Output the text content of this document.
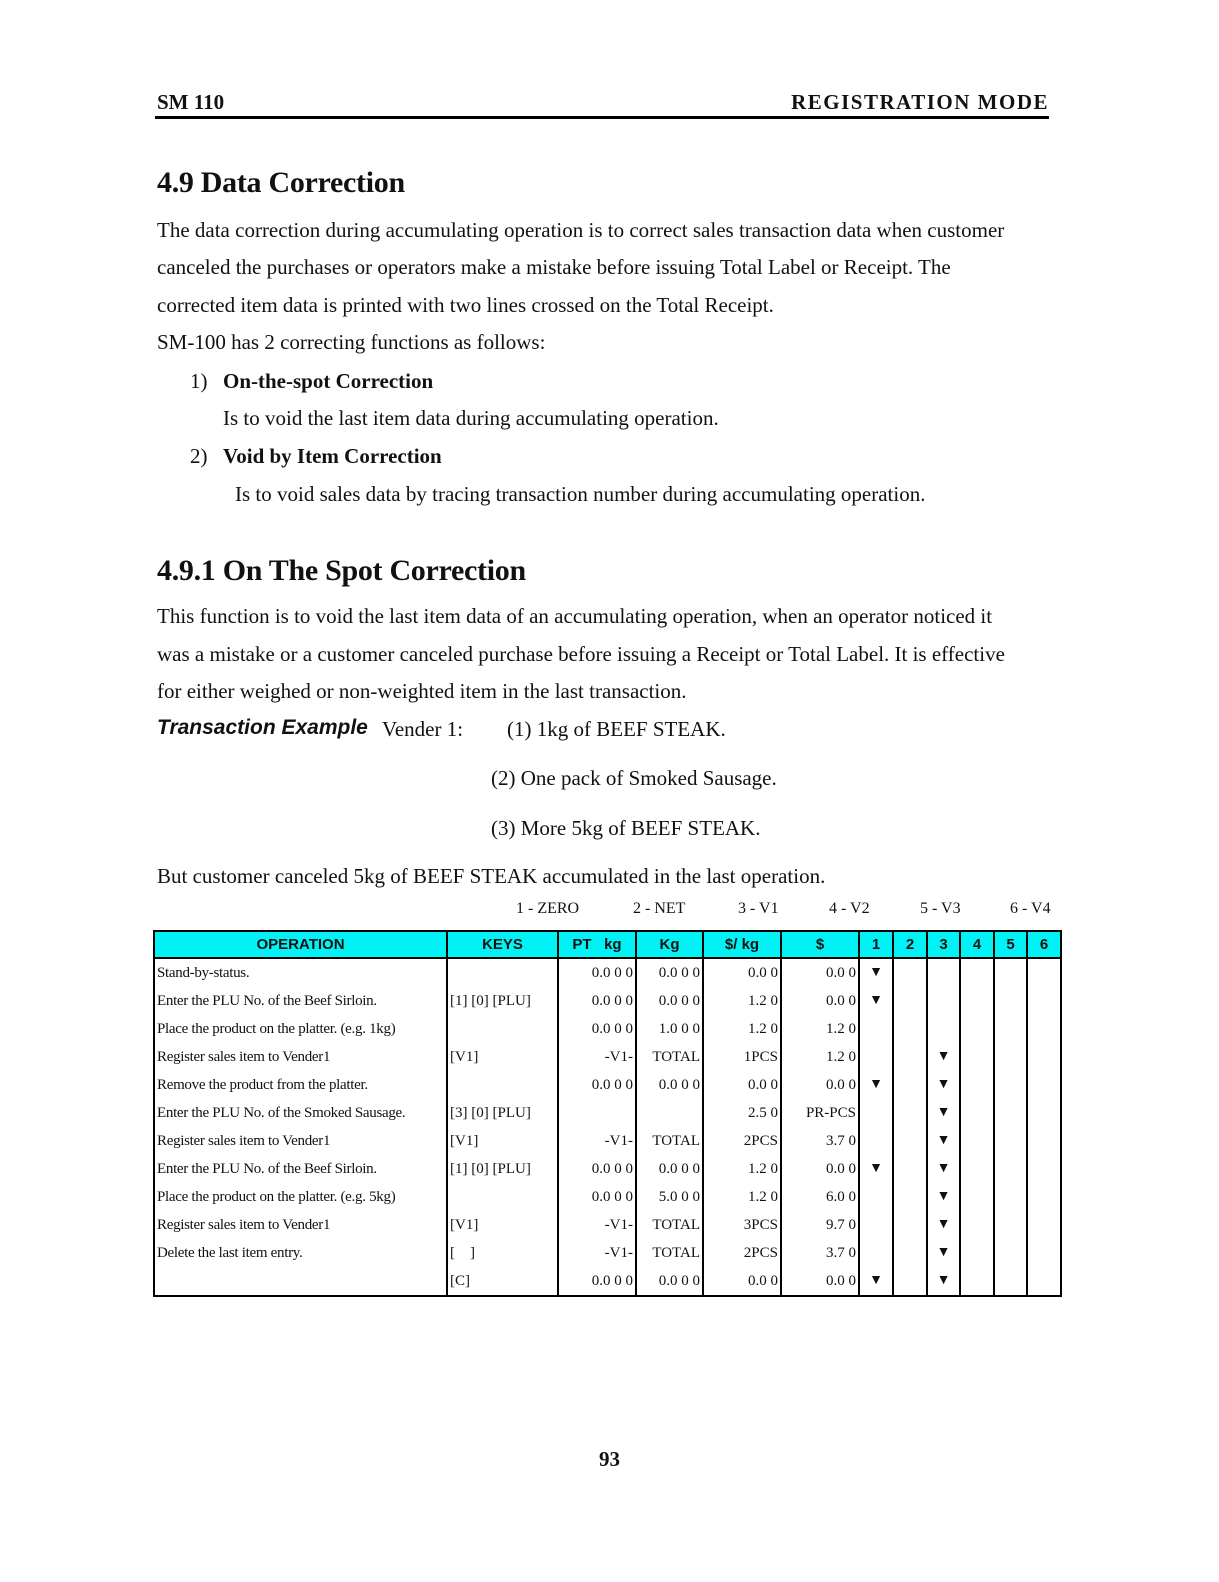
SM 110	REGISTRATION MODE
4.9 Data Correction

The data correction during accumulating operation is to correct sales transaction data when customer

canceled the purchases or operators make a mistake before issuing Total Label or Receipt. The

corrected item data is printed with two lines crossed on the Total Receipt.

SM-100 has 2 correcting functions as follows:

1) On-the-spot Correction
Is to void the last item data during accumulating operation.
2) Void by Item Correction
Is to void sales data by tracing transaction number during accumulating operation.
4.9.1 On The Spot Correction

This function is to void the last item data of an accumulating operation, when an operator noticed it

was a mistake or a customer canceled purchase before issuing a Receipt or Total Label. It is effective

for either weighed or non-weighted item in the last transaction.

Transaction Example Vender 1: (1) 1kg of BEEF STEAK.
(2) One pack of Smoked Sausage.
(3) More 5kg of BEEF STEAK.

But customer canceled 5kg of BEEF STEAK accumulated in the last operation.

1 - ZERO	2 - NET	3 - V1	4 - V2	5 - V3	6 - V4
OPERATION	KEYS	PT   kg	Kg	$/ kg	$	1	2	3	4	5	6
Stand-by-status.		0.0 0 0	0.0 0 0	0.0 0	0.0 0	▼					
Enter the PLU No. of the Beef Sirloin.	[1] [0] [PLU]	0.0 0 0	0.0 0 0	1.2 0	0.0 0	▼					
Place the product on the platter. (e.g. 1kg)		0.0 0 0	1.0 0 0	1.2 0	1.2 0						
Register sales item to Vender1	[V1]	-V1-	TOTAL	1PCS	1.2 0			▼			
Remove the product from the platter.		0.0 0 0	0.0 0 0	0.0 0	0.0 0	▼		▼			
Enter the PLU No. of the Smoked Sausage.	[3] [0] [PLU]			2.5 0	PR-PCS			▼			
Register sales item to Vender1	[V1]	-V1-	TOTAL	2PCS	3.7 0			▼			
Enter the PLU No. of the Beef Sirloin.	[1] [0] [PLU]	0.0 0 0	0.0 0 0	1.2 0	0.0 0	▼		▼			
Place the product on the platter. (e.g. 5kg)		0.0 0 0	5.0 0 0	1.2 0	6.0 0			▼			
Register sales item to Vender1	[V1]	-V1-	TOTAL	3PCS	9.7 0			▼			
Delete the last item entry.	[ ]	-V1-	TOTAL	2PCS	3.7 0			▼			
	[C]	0.0 0 0	0.0 0 0	0.0 0	0.0 0	▼		▼			
93
